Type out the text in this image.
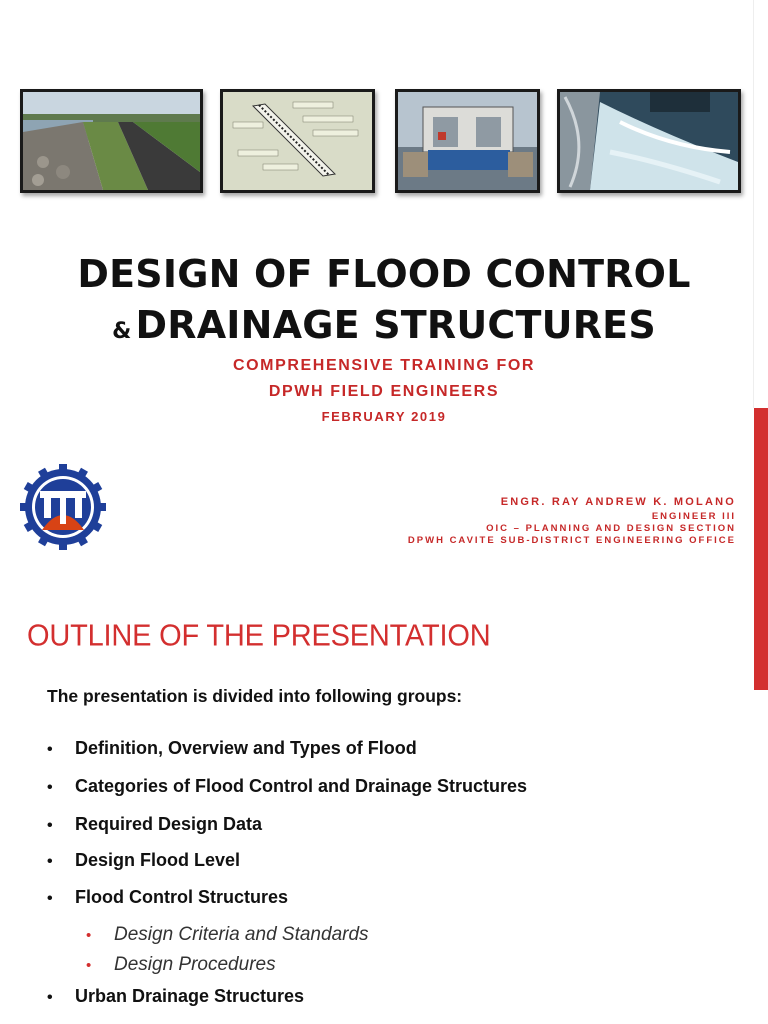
DESIGN OF FLOOD CONTROL
& DRAINAGE STRUCTURES
COMPREHENSIVE TRAINING FOR
DPWH FIELD ENGINEERS
FEBRUARY 2019
ENGR. RAY ANDREW K. MOLANO
ENGINEER III
OIC – PLANNING AND DESIGN SECTION
DPWH CAVITE SUB-DISTRICT ENGINEERING OFFICE
OUTLINE OF THE PRESENTATION
The presentation is divided into following groups:
• Definition, Overview and Types of Flood
• Categories of Flood Control and Drainage Structures
• Required Design Data
• Design Flood Level
• Flood Control Structures
• Design Criteria and Standards
• Design Procedures
• Urban Drainage Structures
